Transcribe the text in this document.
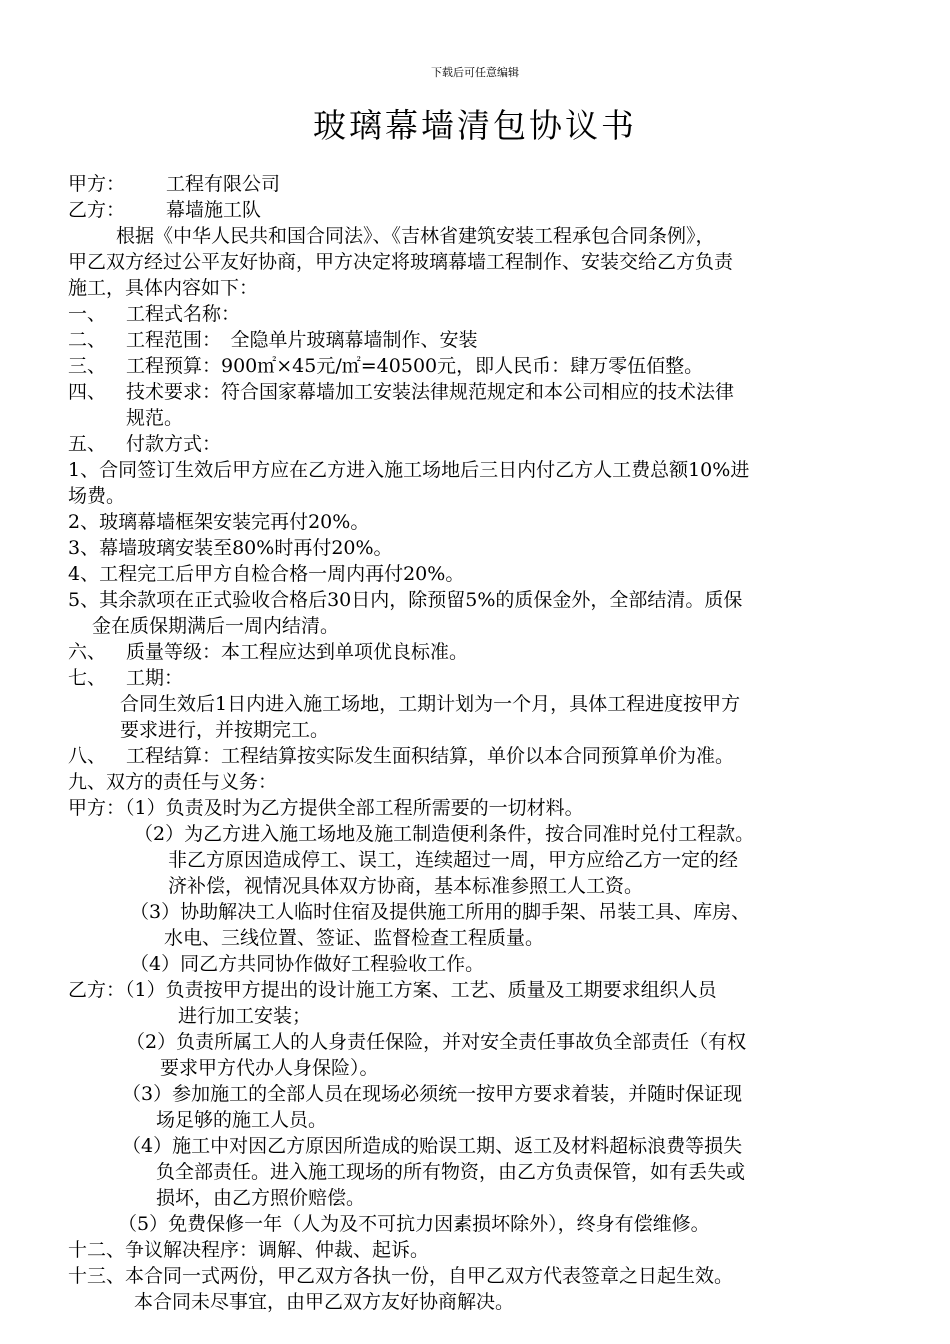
下载后可任意编辑
玻璃幕墙清包协议书
甲方： 工程有限公司
乙方： 幕墙施工队
根据《中华人民共和国合同法》、《吉林省建筑安装工程承包合同条例》，
甲乙双方经过公平友好协商，甲方决定将玻璃幕墙工程制作、安装交给乙方负责
施工，具体内容如下：
一、 工程式名称：
二、 工程范围：　全隐单片玻璃幕墙制作、安装
三、 工程预算：900㎡×45元/㎡=40500元，即人民币：肆万零伍佰整。
四、 技术要求：符合国家幕墙加工安装法律规范规定和本公司相应的技术法律
规范。
五、 付款方式：
1、合同签订生效后甲方应在乙方进入施工场地后三日内付乙方人工费总额10%进
场费。
2、玻璃幕墙框架安装完再付20%。
3、幕墙玻璃安装至80%时再付20%。
4、工程完工后甲方自检合格一周内再付20%。
5、其余款项在正式验收合格后30日内，除预留5%的质保金外，全部结清。质保
金在质保期满后一周内结清。
六、 质量等级：本工程应达到单项优良标准。
七、 工期：
合同生效后1日内进入施工场地，工期计划为一个月，具体工程进度按甲方
要求进行，并按期完工。
八、 工程结算：工程结算按实际发生面积结算，单价以本合同预算单价为准。
九、双方的责任与义务：
甲方：（1）负责及时为乙方提供全部工程所需要的一切材料。
（2）为乙方进入施工场地及施工制造便利条件，按合同准时兑付工程款。
非乙方原因造成停工、误工，连续超过一周，甲方应给乙方一定的经
济补偿，视情况具体双方协商，基本标准参照工人工资。
（3）协助解决工人临时住宿及提供施工所用的脚手架、吊装工具、库房、
水电、三线位置、签证、监督检查工程质量。
（4）同乙方共同协作做好工程验收工作。
乙方：（1）负责按甲方提出的设计施工方案、工艺、质量及工期要求组织人员
进行加工安装；
（2）负责所属工人的人身责任保险，并对安全责任事故负全部责任（有权
要求甲方代办人身保险）。
（3）参加施工的全部人员在现场必须统一按甲方要求着装，并随时保证现
场足够的施工人员。
（4）施工中对因乙方原因所造成的贻误工期、返工及材料超标浪费等损失
负全部责任。进入施工现场的所有物资，由乙方负责保管，如有丢失或
损坏，由乙方照价赔偿。
（5）免费保修一年（人为及不可抗力因素损坏除外），终身有偿维修。
十二、争议解决程序：调解、仲裁、起诉。
十三、本合同一式两份，甲乙双方各执一份，自甲乙双方代表签章之日起生效。
本合同未尽事宜，由甲乙双方友好协商解决。
